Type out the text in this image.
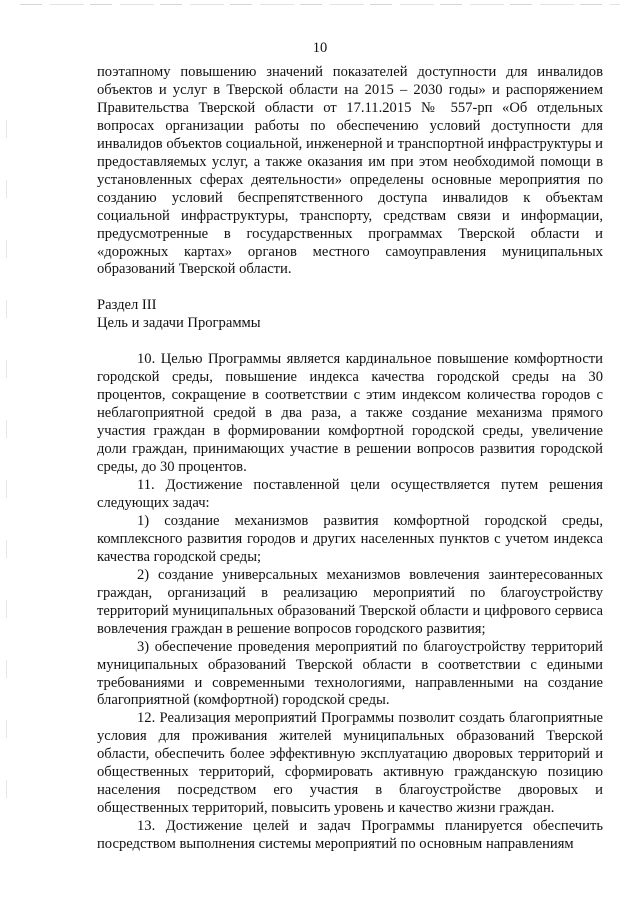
10

поэтапному повышению значений показателей доступности для инвалидов объектов и услуг в Тверской области на 2015 – 2030 годы» и распоряжением Правительства Тверской области от 17.11.2015 № 557-рп «Об отдельных вопросах организации работы по обеспечению условий доступности для инвалидов объектов социальной, инженерной и транспортной инфраструктуры и предоставляемых услуг, а также оказания им при этом необходимой помощи в установленных сферах деятельности» определены основные мероприятия по созданию условий беспрепятственного доступа инвалидов к объектам социальной инфраструктуры, транспорту, средствам связи и информации, предусмотренные в государственных программах Тверской области и «дорожных картах» органов местного самоуправления муниципальных образований Тверской области.

Раздел III

Цель и задачи Программы

10. Целью Программы является кардинальное повышение комфортности городской среды, повышение индекса качества городской среды на 30 процентов, сокращение в соответствии с этим индексом количества городов с неблагоприятной средой в два раза, а также создание механизма прямого участия граждан в формировании комфортной городской среды, увеличение доли граждан, принимающих участие в решении вопросов развития городской среды, до 30 процентов.

11. Достижение поставленной цели осуществляется путем решения следующих задач:

1) создание механизмов развития комфортной городской среды, комплексного развития городов и других населенных пунктов с учетом индекса качества городской среды;

2) создание универсальных механизмов вовлечения заинтересованных граждан, организаций в реализацию мероприятий по благоустройству территорий муниципальных образований Тверской области и цифрового сервиса вовлечения граждан в решение вопросов городского развития;

3) обеспечение проведения мероприятий по благоустройству территорий муниципальных образований Тверской области в соответствии с едиными требованиями и современными технологиями, направленными на создание благоприятной (комфортной) городской среды.

12. Реализация мероприятий Программы позволит создать благоприятные условия для проживания жителей муниципальных образований Тверской области, обеспечить более эффективную эксплуатацию дворовых территорий и общественных территорий, сформировать активную гражданскую позицию населения посредством его участия в благоустройстве дворовых и общественных территорий, повысить уровень и качество жизни граждан.

13. Достижение целей и задач Программы планируется обеспечить посредством выполнения системы мероприятий по основным направлениям
